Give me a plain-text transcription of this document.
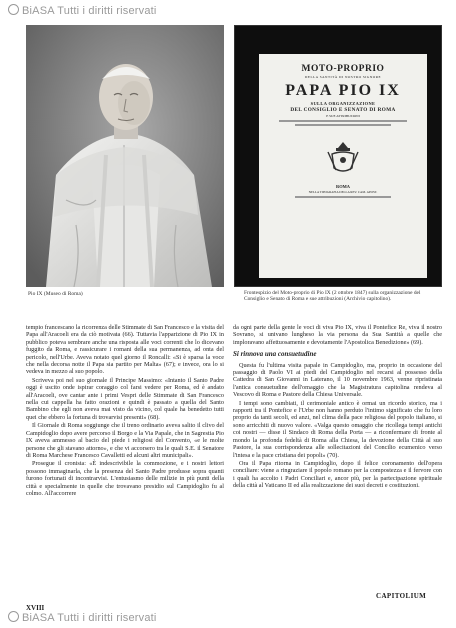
BiASA Tutti i diritti riservati
Pio IX (Museo di Roma)
MOTO-PROPRIO
DELLA SANTITÀ DI NOSTRO SIGNORE
PAPA PIO IX
SULLA ORGANIZZAZIONE
DEL CONSIGLIO E SENATO DI ROMA
E SUE ATTRIBUZIONI
ROMA
NELLA TIPOGRAFIA DELLA REV. CAM. APOST.
Frontespizio del Moto-proprio di Pio IX (2 ottobre 1847) sulla organizzazione del Consiglio e Senato di Roma e sue attribuzioni (Archivio capitolino).

tempio francescano la ricorrenza delle Stimmate di San Francesco e la visita del Papa all'Aracoeli era da ciò motivata (66). Tuttavia l'apparizione di Pio IX in pubblico poteva sembrare anche una risposta alle voci correnti che lo dicevano fuggito da Roma, e rassicurare i romani della sua permanenza, ad onta del pericolo, nell'Urbe. Aveva notato quel giorno il Roncalli: «Si è sparsa la voce che nella decorsa notte il Papa sia partito per Malta» (67); e invece, ora lo si vedeva in mezzo al suo popolo.

Scriveva poi nel suo giornale il Principe Massimo: «Intanto il Santo Padre oggi è uscito onde ispirar coraggio col farsi vedere per Roma, ed è andato all'Aracoeli, ove cantar ante i primi Vespri delle Stimmate di San Francesco nella cui cappella ha fatto orazioni e quindi è passato a quella del Santo Bambino che egli non aveva mai visto da vicino, col quale ha benedetto tutti quei che ebbero la fortuna di trovarvisi presenti» (68).

Il Giornale di Roma soggiunge che il treno ordinario aveva salito il clivo del Campidoglio dopo avere percorso il Borgo e la Via Papale, che in Sagrestia Pio IX aveva ammesso al bacio del piede i religiosi del Convento, «e le molte persone che gli stavano attorno», e che vi accorsero tra le quali S.E. il Senatore di Roma Marchese Francesco Cavalletti ed alcuni altri municipali».

Prosegue il cronista: «È indescrivibile la commozione, e i nostri lettori possono immaginarla, che la presenza del Santo Padre produsse sopra quanti furono fortunati di incontrarvisi. L'entusiasmo delle milizie in più punti della città e specialmente in quelle che trovavano presidio sul Campidoglio fu al colmo. All'accorrere

da ogni parte della gente le voci di viva Pio IX, viva il Pontefice Re, viva il nostro Sovrano, si univano lungheso la via persona da Sua Santità a quelle che imploravano affettuosamente e devotamente l'Apostolica Benedizione» (69).

Si rinnova una consuetudine

Questa fu l'ultima visita papale in Campidoglio, ma, proprio in occasione del passaggio di Paolo VI ai piedi del Campidoglio nel recarsi al possesso della Cattedra di San Giovanni in Laterano, il 10 novembre 1963, venne ripristinata l'antica consuetudine dell'omaggio che la Magistratura capitolina rendeva al Vescovo di Roma e Pastore della Chiesa Universale.

I tempi sono cambiati, il cerimoniale antico è ormai un ricordo storico, ma i rapporti tra il Pontefice e l'Urbe non hanno perduto l'intimo significato che fu loro proprio da tanti secoli, ed anzi, nel clima della pace religiosa del popolo italiano, si sono arricchiti di nuovo valore. «Valga questo omaggio che ricollega tempi antichi coi nostri — disse il Sindaco di Roma della Porta — a riconfermare di fronte al mondo la profonda fedeltà di Roma alla Chiesa, la devozione della Città al suo Pastore, la sua corrispondenza alle sollecitazioni del Concilio ecumenico verso l'intesa e la pace cristiana dei popoli» (70).

Ora il Papa ritorna in Campidoglio, dopo il felice coronamento dell'opera conciliare: viene a ringraziare il popolo romano per la compostezza e il fervore con i quali ha accolto i Padri Conciliari e, ancor più, per la partecipazione spirituale della città al Vaticano II ed alla realizzazione dei suoi decreti e costituzioni.

CAPITOLIUM
XVIII
BiASA Tutti i diritti riservati
